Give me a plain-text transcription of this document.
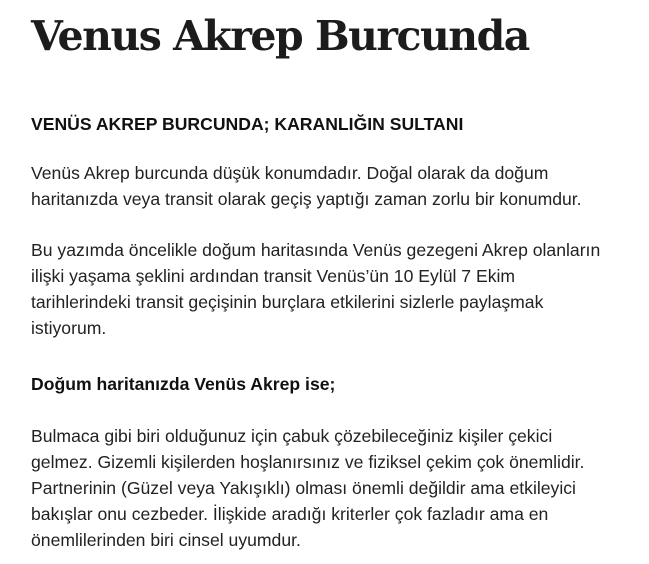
Venus Akrep Burcunda

VENÜS AKREP BURCUNDA; KARANLIĞIN SULTANI

Venüs Akrep burcunda düşük konumdadır. Doğal olarak da doğum
haritanızda veya transit olarak geçiş yaptığı zaman zorlu bir konumdur.
Bu yazımda öncelikle doğum haritasında Venüs gezegeni Akrep olanların
ilişki yaşama şeklini ardından transit Venüs’ün 10 Eylül 7 Ekim
tarihlerindeki transit geçişinin burçlara etkilerini sizlerle paylaşmak
istiyorum.

Doğum haritanızda Venüs Akrep ise;

Bulmaca gibi biri olduğunuz için çabuk çözebileceğiniz kişiler çekici
gelmez. Gizemli kişilerden hoşlanırsınız ve fiziksel çekim çok önemlidir.
Partnerinin (Güzel veya Yakışıklı) olması önemli değildir ama etkileyici
bakışlar onu cezbeder. İlişkide aradığı kriterler çok fazladır ama en
önemlilerinden biri cinsel uyumdur.
